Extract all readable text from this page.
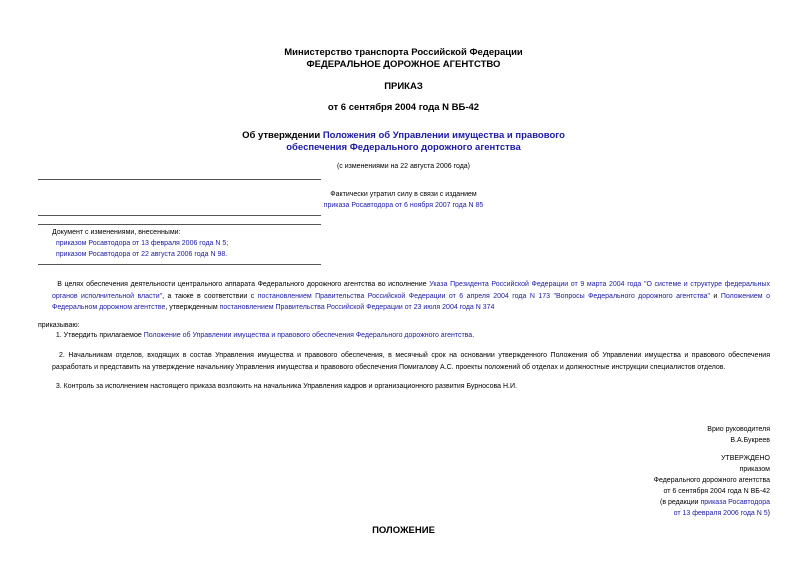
Министерство транспорта Российской Федерации
ФЕДЕРАЛЬНОЕ ДОРОЖНОЕ АГЕНТСТВО
ПРИКАЗ
от 6 сентября 2004 года N ВБ-42
Об утверждении Положения об Управлении имущества и правового
обеспечения Федерального дорожного агентства
(с изменениями на 22 августа 2006 года)
Фактически утратил силу в связи с изданием
приказа Росавтодора от 6 ноября 2007 года N 85
Документ с изменениями, внесенными:
приказом Росавтодора от 13 февраля 2006 года N 5;
приказом Росавтодора от 22 августа 2006 года N 98.
В целях обеспечения деятельности центрального аппарата Федерального дорожного агентства во исполнение Указа Президента Российской Федерации от 9 марта 2004 года "О системе и структуре федеральных органов исполнительной власти", а также в соответствии с постановлением Правительства Российской Федерации от 6 апреля 2004 года N 173 "Вопросы Федерального дорожного агентства" и Положением о Федеральном дорожном агентстве, утвержденным постановлением Правительства Российской Федерации от 23 июля 2004 года N 374
приказываю:
1. Утвердить прилагаемое Положение об Управлении имущества и правового обеспечения Федерального дорожного агентства.
2. Начальникам отделов, входящих в состав Управления имущества и правового обеспечения, в месячный срок на основании утвержденного Положения об Управлении имущества и правового обеспечения разработать и представить на утверждение начальнику Управления имущества и правового обеспечения Помигалову А.С. проекты положений об отделах и должностные инструкции специалистов отделов.
3. Контроль за исполнением настоящего приказа возложить на начальника Управления кадров и организационного развития Бурносова Н.И.
Врио руководителя
В.А.Букреев
УТВЕРЖДЕНО
приказом
Федерального дорожного агентства
от 6 сентября 2004 года N ВБ-42
(в редакции приказа Росавтодора
от 13 февраля 2006 года N 5)
ПОЛОЖЕНИЕ
